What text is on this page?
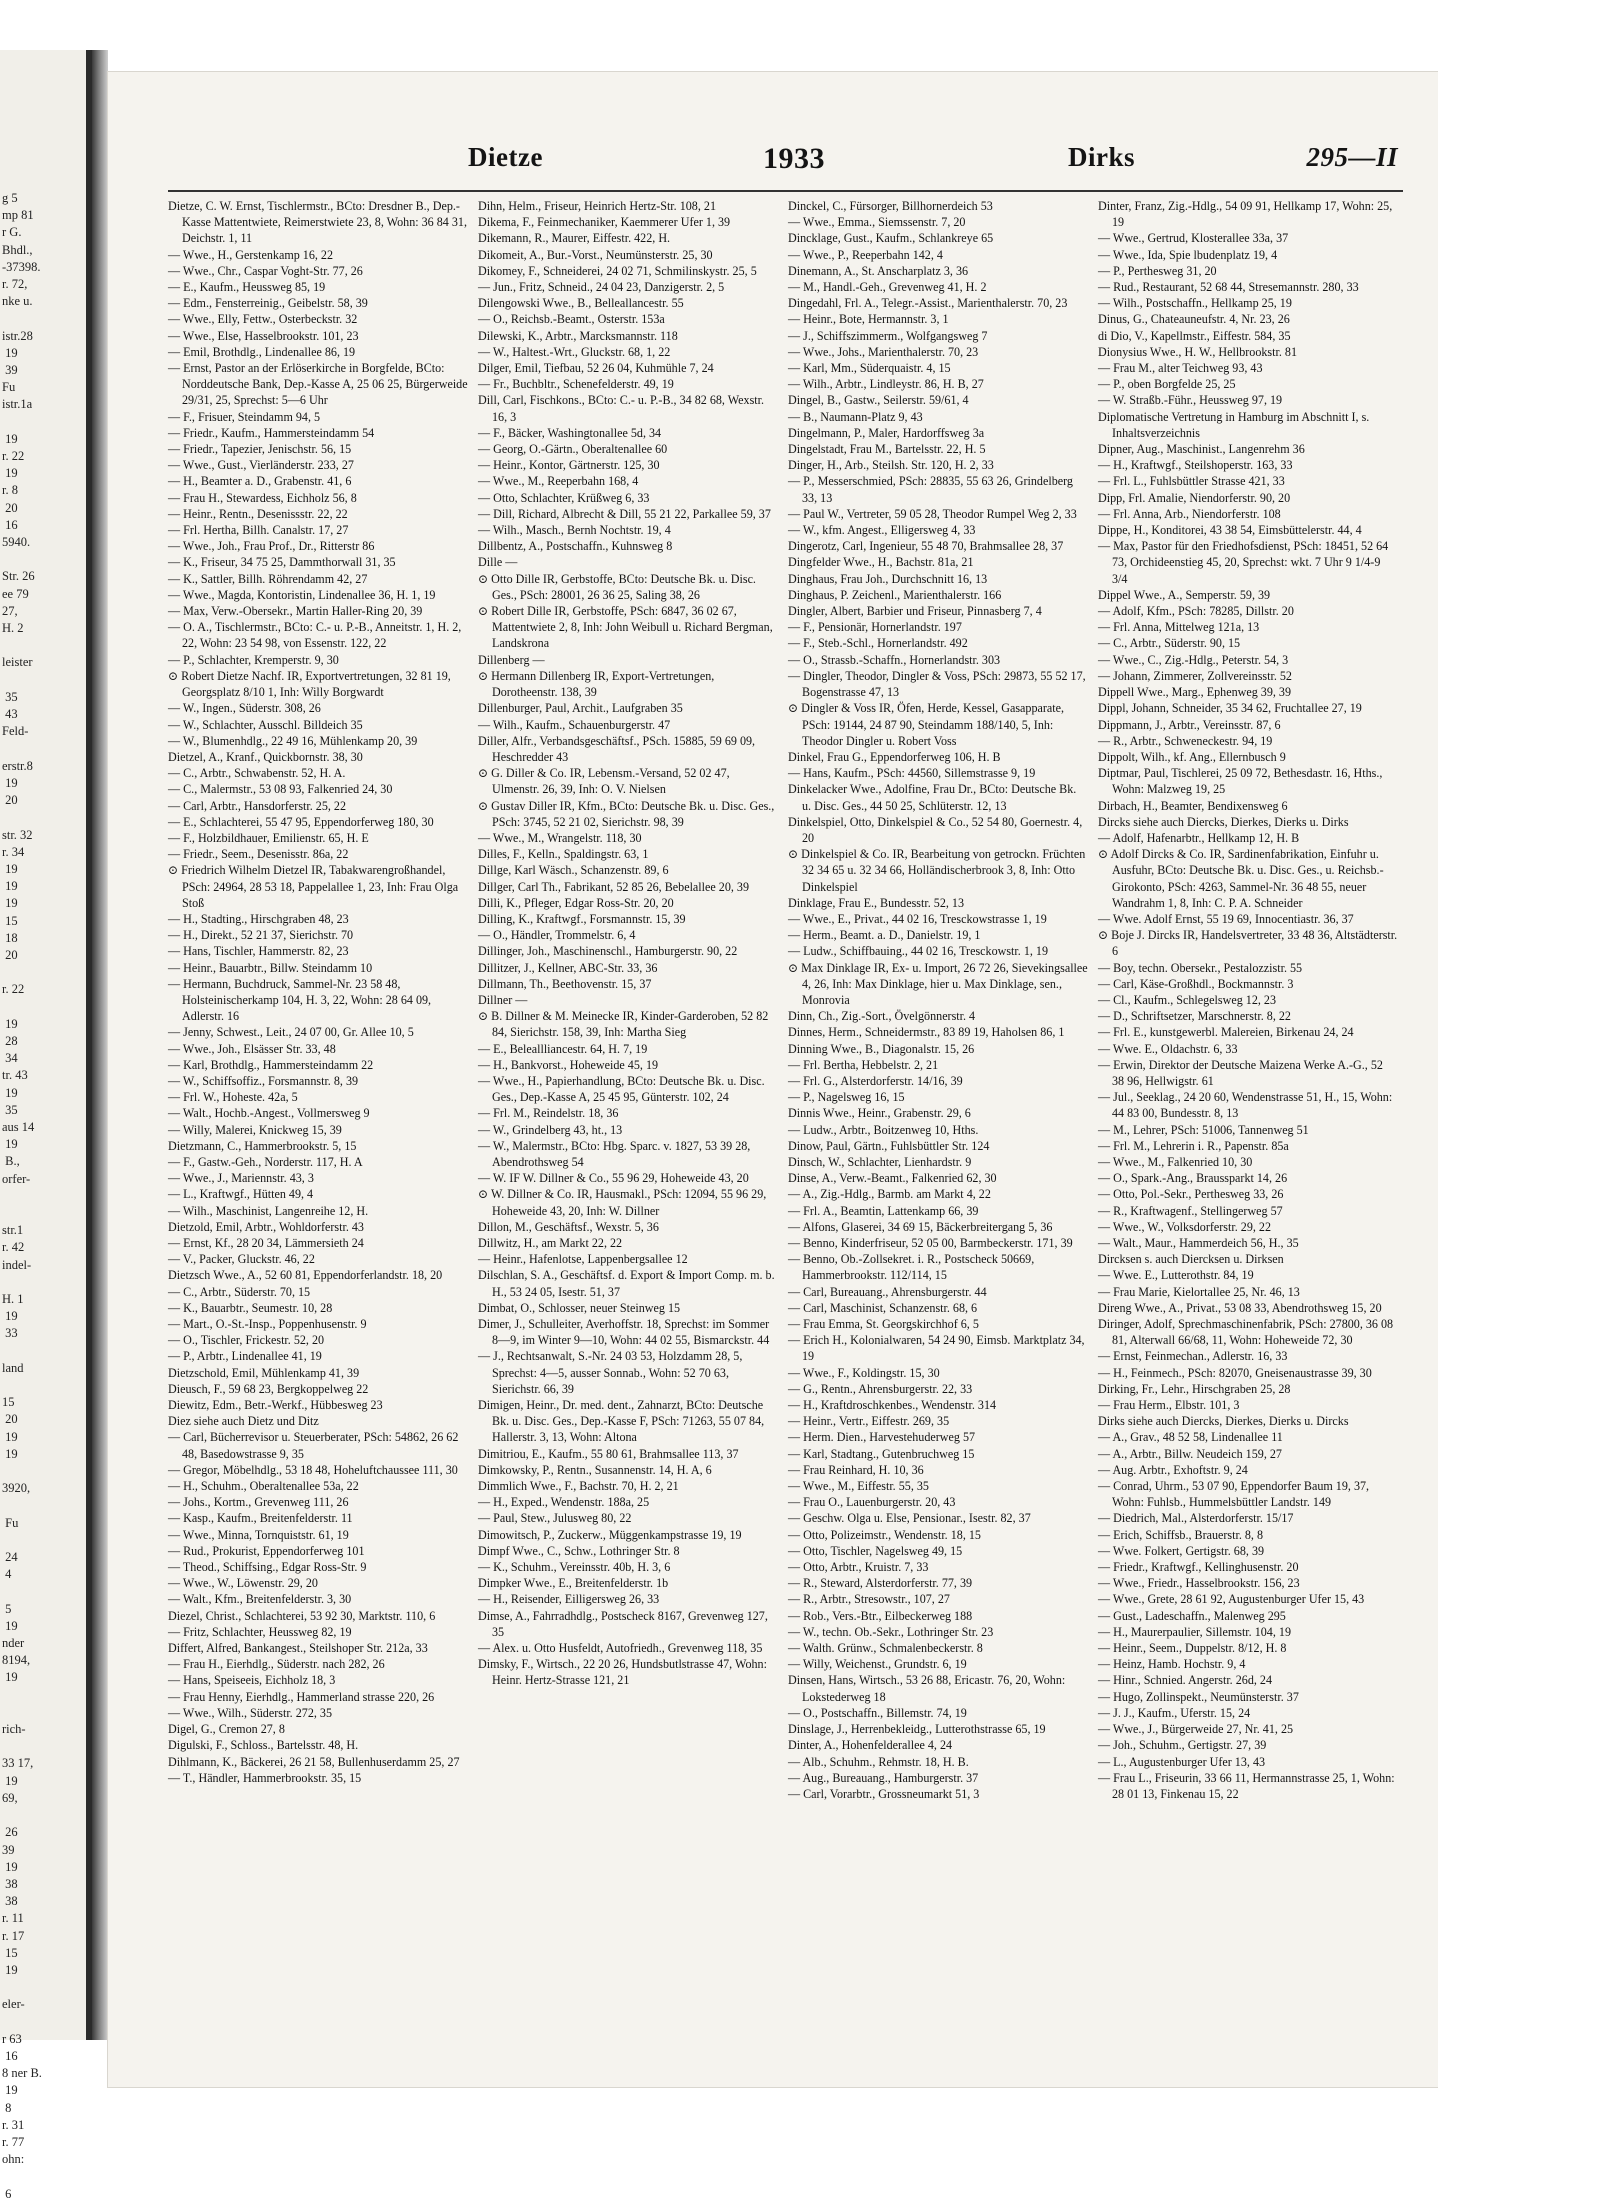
g 5
mp 81
r G.
Bhdl.,
-37398.
r. 72,
nke u.

istr.28
19
39
Fu
istr.1a

19
r. 22
19
r. 8
20
16
5940.

Str. 26
ee 79
27,
H. 2

leister

35
43
Feld-

erstr.8
19
20

str. 32
r. 34
19
19
19
15
18
20

r. 22

19
28
34
tr. 43
19
35
aus 14
19
B.,
orfer-

str.1
r. 42
indel-

H. 1
19
33

land

15
20
19
19

3920,

Fu

24
4

5
19
nder
8194,
19

rich-

33 17,
19
69,

26
39
19
38
38
r. 11
r. 17
15
19

eler-

r 63
16
8 ner B.
19
8
r. 31
r. 77
ohn:

6
Dietze	1933	Dirks	295—II
Dietze, C. W. Ernst, Tischlermstr., BCto: Dresdner B., Dep.-Kasse Mattentwiete, Reimerstwiete 23, 8, Wohn: 36 84 31, Deichstr. 1, 11
— Wwe., H., Gerstenkamp 16, 22
— Wwe., Chr., Caspar Voght-Str. 77, 26
— E., Kaufm., Heussweg 85, 19
— Edm., Fensterreinig., Geibelstr. 58, 39
— Wwe., Elly, Fettw., Osterbeckstr. 32
— Wwe., Else, Hasselbrookstr. 101, 23
— Emil, Brothdlg., Lindenallee 86, 19
— Ernst, Pastor an der Erlöserkirche in Borgfelde, BCto: Norddeutsche Bank, Dep.-Kasse A, 25 06 25, Bürgerweide 29/31, 25, Sprechst: 5—6 Uhr
— F., Frisuer, Steindamm 94, 5
— Friedr., Kaufm., Hammersteindamm 54
— Friedr., Tapezier, Jenischstr. 56, 15
— Wwe., Gust., Vierländerstr. 233, 27
— H., Beamter a. D., Grabenstr. 41, 6
— Frau H., Stewardess, Eichholz 56, 8
— Heinr., Rentn., Desenissstr. 22, 22
— Frl. Hertha, Billh. Canalstr. 17, 27
— Wwe., Joh., Frau Prof., Dr., Ritterstr 86
— K., Friseur, 34 75 25, Dammthorwall 31, 35
— K., Sattler, Billh. Röhrendamm 42, 27
— Wwe., Magda, Kontoristin, Lindenallee 36, H. 1, 19
— Max, Verw.-Obersekr., Martin Haller-Ring 20, 39
— O. A., Tischlermstr., BCto: C.- u. P.-B., Anneitstr. 1, H. 2, 22, Wohn: 23 54 98, von Essenstr. 122, 22
— P., Schlachter, Kremperstr. 9, 30
⊙ Robert Dietze Nachf. IR, Exportvertretungen, 32 81 19, Georgsplatz 8/10 1, Inh: Willy Borgwardt
— W., Ingen., Süderstr. 308, 26
— W., Schlachter, Ausschl. Billdeich 35
— W., Blumenhdlg., 22 49 16, Mühlenkamp 20, 39
Dietzel, A., Kranf., Quickbornstr. 38, 30
— C., Arbtr., Schwabenstr. 52, H. A.
— C., Malermstr., 53 08 93, Falkenried 24, 30
— Carl, Arbtr., Hansdorferstr. 25, 22
— E., Schlachterei, 55 47 95, Eppendorferweg 180, 30
— F., Holzbildhauer, Emilienstr. 65, H. E
— Friedr., Seem., Desenisstr. 86a, 22
⊙ Friedrich Wilhelm Dietzel IR, Tabakwarengroßhandel, PSch: 24964, 28 53 18, Pappelallee 1, 23, Inh: Frau Olga Stoß
— H., Stadting., Hirschgraben 48, 23
— H., Direkt., 52 21 37, Sierichstr. 70
— Hans, Tischler, Hammerstr. 82, 23
— Heinr., Bauarbtr., Billw. Steindamm 10
— Hermann, Buchdruck, Sammel-Nr. 23 58 48, Holsteinischerkamp 104, H. 3, 22, Wohn: 28 64 09, Adlerstr. 16
— Jenny, Schwest., Leit., 24 07 00, Gr. Allee 10, 5
— Wwe., Joh., Elsässer Str. 33, 48
— Karl, Brothdlg., Hammersteindamm 22
— W., Schiffsoffiz., Forsmannstr. 8, 39
— Frl. W., Hoheste. 42a, 5
— Walt., Hochb.-Angest., Vollmersweg 9
— Willy, Malerei, Knickweg 15, 39
Dietzmann, C., Hammerbrookstr. 5, 15
— F., Gastw.-Geh., Norderstr. 117, H. A
— Wwe., J., Mariennstr. 43, 3
— L., Kraftwgf., Hütten 49, 4
— Wilh., Maschinist, Langenreihe 12, H.
Dietzold, Emil, Arbtr., Wohldorferstr. 43
— Ernst, Kf., 28 20 34, Lämmersieth 24
— V., Packer, Gluckstr. 46, 22
Dietzsch Wwe., A., 52 60 81, Eppendorferlandstr. 18, 20
— C., Arbtr., Süderstr. 70, 15
— K., Bauarbtr., Seumestr. 10, 28
— Mart., O.-St.-Insp., Poppenhusenstr. 9
— O., Tischler, Frickestr. 52, 20
— P., Arbtr., Lindenallee 41, 19
Dietzschold, Emil, Mühlenkamp 41, 39
Dieusch, F., 59 68 23, Bergkoppelweg 22
Diewitz, Edm., Betr.-Werkf., Hübbesweg 23
Diez siehe auch Dietz und Ditz
— Carl, Bücherrevisor u. Steuerberater, PSch: 54862, 26 62 48, Basedowstrasse 9, 35
— Gregor, Möbelhdlg., 53 18 48, Hoheluftchaussee 111, 30
— H., Schuhm., Oberaltenallee 53a, 22
— Johs., Kortm., Grevenweg 111, 26
— Kasp., Kaufm., Breitenfelderstr. 11
— Wwe., Minna, Tornquiststr. 61, 19
— Rud., Prokurist, Eppendorferweg 101
— Theod., Schiffsing., Edgar Ross-Str. 9
— Wwe., W., Löwenstr. 29, 20
— Walt., Kfm., Breitenfelderstr. 3, 30
Diezel, Christ., Schlachterei, 53 92 30, Marktstr. 110, 6
— Fritz, Schlachter, Heussweg 82, 19
Differt, Alfred, Bankangest., Steilshoper Str. 212a, 33
— Frau H., Eierhdlg., Süderstr. nach 282, 26
— Hans, Speiseeis, Eichholz 18, 3
— Frau Henny, Eierhdlg., Hammerland strasse 220, 26
— Wwe., Wilh., Süderstr. 272, 35
Digel, G., Cremon 27, 8
Digulski, F., Schloss., Bartelsstr. 48, H.
Dihlmann, K., Bäckerei, 26 21 58, Bullenhuserdamm 25, 27
— T., Händler, Hammerbrookstr. 35, 15
Dihn, Helm., Friseur, Heinrich Hertz-Str. 108, 21
Dikema, F., Feinmechaniker, Kaemmerer Ufer 1, 39
Dikemann, R., Maurer, Eiffestr. 422, H.
Dikomeit, A., Bur.-Vorst., Neumünsterstr. 25, 30
Dikomey, F., Schneiderei, 24 02 71, Schmilinskystr. 25, 5
— Jun., Fritz, Schneid., 24 04 23, Danzigerstr. 2, 5
Dilengowski Wwe., B., Belleallancestr. 55
— O., Reichsb.-Beamt., Osterstr. 153a
Dilewski, K., Arbtr., Marcksmannstr. 118
— W., Haltest.-Wrt., Gluckstr. 68, 1, 22
Dilger, Emil, Tiefbau, 52 26 04, Kuhmühle 7, 24
— Fr., Buchbltr., Schenefelderstr. 49, 19
Dill, Carl, Fischkons., BCto: C.- u. P.-B., 34 82 68, Wexstr. 16, 3
— F., Bäcker, Washingtonallee 5d, 34
— Georg, O.-Gärtn., Oberaltenallee 60
— Heinr., Kontor, Gärtnerstr. 125, 30
— Wwe., M., Reeperbahn 168, 4
— Otto, Schlachter, Krüßweg 6, 33
— Dill, Richard, Albrecht & Dill, 55 21 22, Parkallee 59, 37
— Wilh., Masch., Bernh Nochtstr. 19, 4
Dillbentz, A., Postschaffn., Kuhnsweg 8
Dille —
⊙ Otto Dille IR, Gerbstoffe, BCto: Deutsche Bk. u. Disc. Ges., PSch: 28001, 26 36 25, Saling 38, 26
⊙ Robert Dille IR, Gerbstoffe, PSch: 6847, 36 02 67, Mattentwiete 2, 8, Inh: John Weibull u. Richard Bergman, Landskrona
Dillenberg —
⊙ Hermann Dillenberg IR, Export-Vertretungen, Dorotheenstr. 138, 39
Dillenburger, Paul, Archit., Laufgraben 35
— Wilh., Kaufm., Schauenburgerstr. 47
Diller, Alfr., Verbandsgeschäftsf., PSch. 15885, 59 69 09, Heschredder 43
⊙ G. Diller & Co. IR, Lebensm.-Versand, 52 02 47, Ulmenstr. 26, 39, Inh: O. V. Nielsen
⊙ Gustav Diller IR, Kfm., BCto: Deutsche Bk. u. Disc. Ges., PSch: 3745, 52 21 02, Sierichstr. 98, 39
— Wwe., M., Wrangelstr. 118, 30
Dilles, F., Kelln., Spaldingstr. 63, 1
Dillge, Karl Wäsch., Schanzenstr. 89, 6
Dillger, Carl Th., Fabrikant, 52 85 26, Bebelallee 20, 39
Dilli, K., Pfleger, Edgar Ross-Str. 20, 20
Dilling, K., Kraftwgf., Forsmannstr. 15, 39
— O., Händler, Trommelstr. 6, 4
Dillinger, Joh., Maschinenschl., Hamburgerstr. 90, 22
Dillitzer, J., Kellner, ABC-Str. 33, 36
Dillmann, Th., Beethovenstr. 15, 37
Dillner —
⊙ B. Dillner & M. Meinecke IR, Kinder-Garderoben, 52 82 84, Sierichstr. 158, 39, Inh: Martha Sieg
— E., Beleallliancestr. 64, H. 7, 19
— H., Bankvorst., Hoheweide 45, 19
— Wwe., H., Papierhandlung, BCto: Deutsche Bk. u. Disc. Ges., Dep.-Kasse A, 25 45 95, Günterstr. 102, 24
— Frl. M., Reindelstr. 18, 36
— W., Grindelberg 43, ht., 13
— W., Malermstr., BCto: Hbg. Sparc. v. 1827, 53 39 28, Abendrothsweg 54
— W. IF W. Dillner & Co., 55 96 29, Hoheweide 43, 20
⊙ W. Dillner & Co. IR, Hausmakl., PSch: 12094, 55 96 29, Hoheweide 43, 20, Inh: W. Dillner
Dillon, M., Geschäftsf., Wexstr. 5, 36
Dillwitz, H., am Markt 22, 22
— Heinr., Hafenlotse, Lappenbergsallee 12
Dilschlan, S. A., Geschäftsf. d. Export & Import Comp. m. b. H., 53 24 05, Isestr. 51, 37
Dimbat, O., Schlosser, neuer Steinweg 15
Dimer, J., Schulleiter, Averhoffstr. 18, Sprechst: im Sommer 8—9, im Winter 9—10, Wohn: 44 02 55, Bismarckstr. 44
— J., Rechtsanwalt, S.-Nr. 24 03 53, Holzdamm 28, 5, Sprechst: 4—5, ausser Sonnab., Wohn: 52 70 63, Sierichstr. 66, 39
Dimigen, Heinr., Dr. med. dent., Zahnarzt, BCto: Deutsche Bk. u. Disc. Ges., Dep.-Kasse F, PSch: 71263, 55 07 84, Hallerstr. 3, 13, Wohn: Altona
Dimitriou, E., Kaufm., 55 80 61, Brahmsallee 113, 37
Dimkowsky, P., Rentn., Susannenstr. 14, H. A, 6
Dimmlich Wwe., F., Bachstr. 70, H. 2, 21
— H., Exped., Wendenstr. 188a, 25
— Paul, Stew., Julusweg 80, 22
Dimowitsch, P., Zuckerw., Müggenkampstrasse 19, 19
Dimpf Wwe., C., Schw., Lothringer Str. 8
— K., Schuhm., Vereinsstr. 40b, H. 3, 6
Dimpker Wwe., E., Breitenfelderstr. 1b
— H., Reisender, Eilligersweg 26, 33
Dimse, A., Fahrradhdlg., Postscheck 8167, Grevenweg 127, 35
— Alex. u. Otto Husfeldt, Autofriedh., Grevenweg 118, 35
Dimsky, F., Wirtsch., 22 20 26, Hundsbutlstrasse 47, Wohn: Heinr. Hertz-Strasse 121, 21
Dinckel, C., Fürsorger, Billhornerdeich 53
— Wwe., Emma., Siemssenstr. 7, 20
Dincklage, Gust., Kaufm., Schlankreye 65
— Wwe., P., Reeperbahn 142, 4
Dinemann, A., St. Anscharplatz 3, 36
— M., Handl.-Geh., Grevenweg 41, H. 2
Dingedahl, Frl. A., Telegr.-Assist., Marienthalerstr. 70, 23
— Heinr., Bote, Hermannstr. 3, 1
— J., Schiffszimmerm., Wolfgangsweg 7
— Wwe., Johs., Marienthalerstr. 70, 23
— Karl, Mm., Süderquaistr. 4, 15
— Wilh., Arbtr., Lindleystr. 86, H. B, 27
Dingel, B., Gastw., Seilerstr. 59/61, 4
— B., Naumann-Platz 9, 43
Dingelmann, P., Maler, Hardorffsweg 3a
Dingelstadt, Frau M., Bartelsstr. 22, H. 5
Dinger, H., Arb., Steilsh. Str. 120, H. 2, 33
— P., Messerschmied, PSch: 28835, 55 63 26, Grindelberg 33, 13
— Paul W., Vertreter, 59 05 28, Theodor Rumpel Weg 2, 33
— W., kfm. Angest., Elligersweg 4, 33
Dingerotz, Carl, Ingenieur, 55 48 70, Brahmsallee 28, 37
Dingfelder Wwe., H., Bachstr. 81a, 21
Dinghaus, Frau Joh., Durchschnitt 16, 13
Dinghaus, P. Zeichenl., Marienthalerstr. 166
Dingler, Albert, Barbier und Friseur, Pinnasberg 7, 4
— F., Pensionär, Hornerlandstr. 197
— F., Steb.-Schl., Hornerlandstr. 492
— O., Strassb.-Schaffn., Hornerlandstr. 303
— Dingler, Theodor, Dingler & Voss, PSch: 29873, 55 52 17, Bogenstrasse 47, 13
⊙ Dingler & Voss IR, Öfen, Herde, Kessel, Gasapparate, PSch: 19144, 24 87 90, Steindamm 188/140, 5, Inh: Theodor Dingler u. Robert Voss
Dinkel, Frau G., Eppendorferweg 106, H. B
— Hans, Kaufm., PSch: 44560, Sillemstrasse 9, 19
Dinkelacker Wwe., Adolfine, Frau Dr., BCto: Deutsche Bk. u. Disc. Ges., 44 50 25, Schlüterstr. 12, 13
Dinkelspiel, Otto, Dinkelspiel & Co., 52 54 80, Goernestr. 4, 20
⊙ Dinkelspiel & Co. IR, Bearbeitung von getrockn. Früchten 32 34 65 u. 32 34 66, Holländischerbrook 3, 8, Inh: Otto Dinkelspiel
Dinklage, Frau E., Bundesstr. 52, 13
— Wwe., E., Privat., 44 02 16, Tresckowstrasse 1, 19
— Herm., Beamt. a. D., Danielstr. 19, 1
— Ludw., Schiffbauing., 44 02 16, Tresckowstr. 1, 19
⊙ Max Dinklage IR, Ex- u. Import, 26 72 26, Sievekingsallee 4, 26, Inh: Max Dinklage, hier u. Max Dinklage, sen., Monrovia
Dinn, Ch., Zig.-Sort., Övelgönnerstr. 4
Dinnes, Herm., Schneidermstr., 83 89 19, Haholsen 86, 1
Dinning Wwe., B., Diagonalstr. 15, 26
— Frl. Bertha, Hebbelstr. 2, 21
— Frl. G., Alsterdorferstr. 14/16, 39
— P., Nagelsweg 16, 15
Dinnis Wwe., Heinr., Grabenstr. 29, 6
— Ludw., Arbtr., Boitzenweg 10, Hths.
Dinow, Paul, Gärtn., Fuhlsbüttler Str. 124
Dinsch, W., Schlachter, Lienhardstr. 9
Dinse, A., Verw.-Beamt., Falkenried 62, 30
— A., Zig.-Hdlg., Barmb. am Markt 4, 22
— Frl. A., Beamtin, Lattenkamp 66, 39
— Alfons, Glaserei, 34 69 15, Bäckerbreitergang 5, 36
— Benno, Kinderfriseur, 52 05 00, Barmbeckerstr. 171, 39
— Benno, Ob.-Zollsekret. i. R., Postscheck 50669, Hammerbrookstr. 112/114, 15
— Carl, Bureauang., Ahrensburgerstr. 44
— Carl, Maschinist, Schanzenstr. 68, 6
— Frau Emma, St. Georgskirchhof 6, 5
— Erich H., Kolonialwaren, 54 24 90, Eimsb. Marktplatz 34, 19
— Wwe., F., Koldingstr. 15, 30
— G., Rentn., Ahrensburgerstr. 22, 33
— H., Kraftdroschkenbes., Wendenstr. 314
— Heinr., Vertr., Eiffestr. 269, 35
— Herm. Dien., Harvestehuderweg 57
— Karl, Stadtang., Gutenbruchweg 15
— Frau Reinhard, H. 10, 36
— Wwe., M., Eiffestr. 55, 35
— Frau O., Lauenburgerstr. 20, 43
— Geschw. Olga u. Else, Pensionar., Isestr. 82, 37
— Otto, Polizeimstr., Wendenstr. 18, 15
— Otto, Tischler, Nagelsweg 49, 15
— Otto, Arbtr., Kruistr. 7, 33
— R., Steward, Alsterdorferstr. 77, 39
— R., Arbtr., Stresowstr., 107, 27
— Rob., Vers.-Btr., Eilbeckerweg 188
— W., techn. Ob.-Sekr., Lothringer Str. 23
— Walth. Grünw., Schmalenbeckerstr. 8
— Willy, Weichenst., Grundstr. 6, 19
Dinsen, Hans, Wirtsch., 53 26 88, Ericastr. 76, 20, Wohn: Lokstederweg 18
— O., Postschaffn., Billemstr. 74, 19
Dinslage, J., Herrenbekleidg., Lutterothstrasse 65, 19
Dinter, A., Hohenfelderallee 4, 24
— Alb., Schuhm., Rehmstr. 18, H. B.
— Aug., Bureauang., Hamburgerstr. 37
— Carl, Vorarbtr., Grossneumarkt 51, 3
Dinter, Franz, Zig.-Hdlg., 54 09 91, Hellkamp 17, Wohn: 25, 19
— Wwe., Gertrud, Klosterallee 33a, 37
— Wwe., Ida, Spie lbudenplatz 19, 4
— P., Perthesweg 31, 20
— Rud., Restaurant, 52 68 44, Stresemannstr. 280, 33
— Wilh., Postschaffn., Hellkamp 25, 19
Dinus, G., Chateauneufstr. 4, Nr. 23, 26
di Dio, V., Kapellmstr., Eiffestr. 584, 35
Dionysius Wwe., H. W., Hellbrookstr. 81
— Frau M., alter Teichweg 93, 43
— P., oben Borgfelde 25, 25
— W. Straßb.-Führ., Heussweg 97, 19
Diplomatische Vertretung in Hamburg im Abschnitt I, s. Inhaltsverzeichnis
Dipner, Aug., Maschinist., Langenrehm 36
— H., Kraftwgf., Steilshoperstr. 163, 33
— Frl. L., Fuhlsbüttler Strasse 421, 33
Dipp, Frl. Amalie, Niendorferstr. 90, 20
— Frl. Anna, Arb., Niendorferstr. 108
Dippe, H., Konditorei, 43 38 54, Eimsbüttelerstr. 44, 4
— Max, Pastor für den Friedhofsdienst, PSch: 18451, 52 64 73, Orchideenstieg 45, 20, Sprechst: wkt. 7 Uhr 9 1/4-9 3/4
Dippel Wwe., A., Semperstr. 59, 39
— Adolf, Kfm., PSch: 78285, Dillstr. 20
— Frl. Anna, Mittelweg 121a, 13
— C., Arbtr., Süderstr. 90, 15
— Wwe., C., Zig.-Hdlg., Peterstr. 54, 3
— Johann, Zimmerer, Zollvereinsstr. 52
Dippell Wwe., Marg., Ephenweg 39, 39
Dippl, Johann, Schneider, 35 34 62, Fruchtallee 27, 19
Dippmann, J., Arbtr., Vereinsstr. 87, 6
— R., Arbtr., Schweneckestr. 94, 19
Dippolt, Wilh., kf. Ang., Ellernbusch 9
Diptmar, Paul, Tischlerei, 25 09 72, Bethesdastr. 16, Hths., Wohn: Malzweg 19, 25
Dirbach, H., Beamter, Bendixensweg 6
Dircks siehe auch Diercks, Dierkes, Dierks u. Dirks
— Adolf, Hafenarbtr., Hellkamp 12, H. B
⊙ Adolf Dircks & Co. IR, Sardinenfabrikation, Einfuhr u. Ausfuhr, BCto: Deutsche Bk. u. Disc. Ges., u. Reichsb.-Girokonto, PSch: 4263, Sammel-Nr. 36 48 55, neuer Wandrahm 1, 8, Inh: C. P. A. Schneider
— Wwe. Adolf Ernst, 55 19 69, Innocentiastr. 36, 37
⊙ Boje J. Dircks IR, Handelsvertreter, 33 48 36, Altstädterstr. 6
— Boy, techn. Obersekr., Pestalozzistr. 55
— Carl, Käse-Großhdl., Bockmannstr. 3
— Cl., Kaufm., Schlegelsweg 12, 23
— D., Schriftsetzer, Marschnerstr. 8, 22
— Frl. E., kunstgewerbl. Malereien, Birkenau 24, 24
— Wwe. E., Oldachstr. 6, 33
— Erwin, Direktor der Deutsche Maizena Werke A.-G., 52 38 96, Hellwigstr. 61
— Jul., Seeklag., 24 20 60, Wendenstrasse 51, H., 15, Wohn: 44 83 00, Bundesstr. 8, 13
— M., Lehrer, PSch: 51006, Tannenweg 51
— Frl. M., Lehrerin i. R., Papenstr. 85a
— Wwe., M., Falkenried 10, 30
— O., Spark.-Ang., Braussparkt 14, 26
— Otto, Pol.-Sekr., Perthesweg 33, 26
— R., Kraftwagenf., Stellingerweg 57
— Wwe., W., Volksdorferstr. 29, 22
— Walt., Maur., Hammerdeich 56, H., 35
Dircksen s. auch Diercksen u. Dirksen
— Wwe. E., Lutterothstr. 84, 19
— Frau Marie, Kielortallee 25, Nr. 46, 13
Direng Wwe., A., Privat., 53 08 33, Abendrothsweg 15, 20
Diringer, Adolf, Sprechmaschinenfabrik, PSch: 27800, 36 08 81, Alterwall 66/68, 11, Wohn: Hoheweide 72, 30
— Ernst, Feinmechan., Adlerstr. 16, 33
— H., Feinmech., PSch: 82070, Gneisenaustrasse 39, 30
Dirking, Fr., Lehr., Hirschgraben 25, 28
— Frau Herm., Elbstr. 101, 3
Dirks siehe auch Diercks, Dierkes, Dierks u. Dircks
— A., Grav., 48 52 58, Lindenallee 11
— A., Arbtr., Billw. Neudeich 159, 27
— Aug. Arbtr., Exhoftstr. 9, 24
— Conrad, Uhrm., 53 07 90, Eppendorfer Baum 19, 37, Wohn: Fuhlsb., Hummelsbüttler Landstr. 149
— Diedrich, Mal., Alsterdorferstr. 15/17
— Erich, Schiffsb., Brauerstr. 8, 8
— Wwe. Folkert, Gertigstr. 68, 39
— Friedr., Kraftwgf., Kellinghusenstr. 20
— Wwe., Friedr., Hasselbrookstr. 156, 23
— Wwe., Grete, 28 61 92, Augustenburger Ufer 15, 43
— Gust., Ladeschaffn., Malenweg 295
— H., Maurerpaulier, Sillemstr. 104, 19
— Heinr., Seem., Duppelstr. 8/12, H. 8
— Heinz, Hamb. Hochstr. 9, 4
— Hinr., Schnied. Angerstr. 26d, 24
— Hugo, Zollinspekt., Neumünsterstr. 37
— J. J., Kaufm., Uferstr. 15, 24
— Wwe., J., Bürgerweide 27, Nr. 41, 25
— Joh., Schuhm., Gertigstr. 27, 39
— L., Augustenburger Ufer 13, 43
— Frau L., Friseurin, 33 66 11, Hermannstrasse 25, 1, Wohn: 28 01 13, Finkenau 15, 22
